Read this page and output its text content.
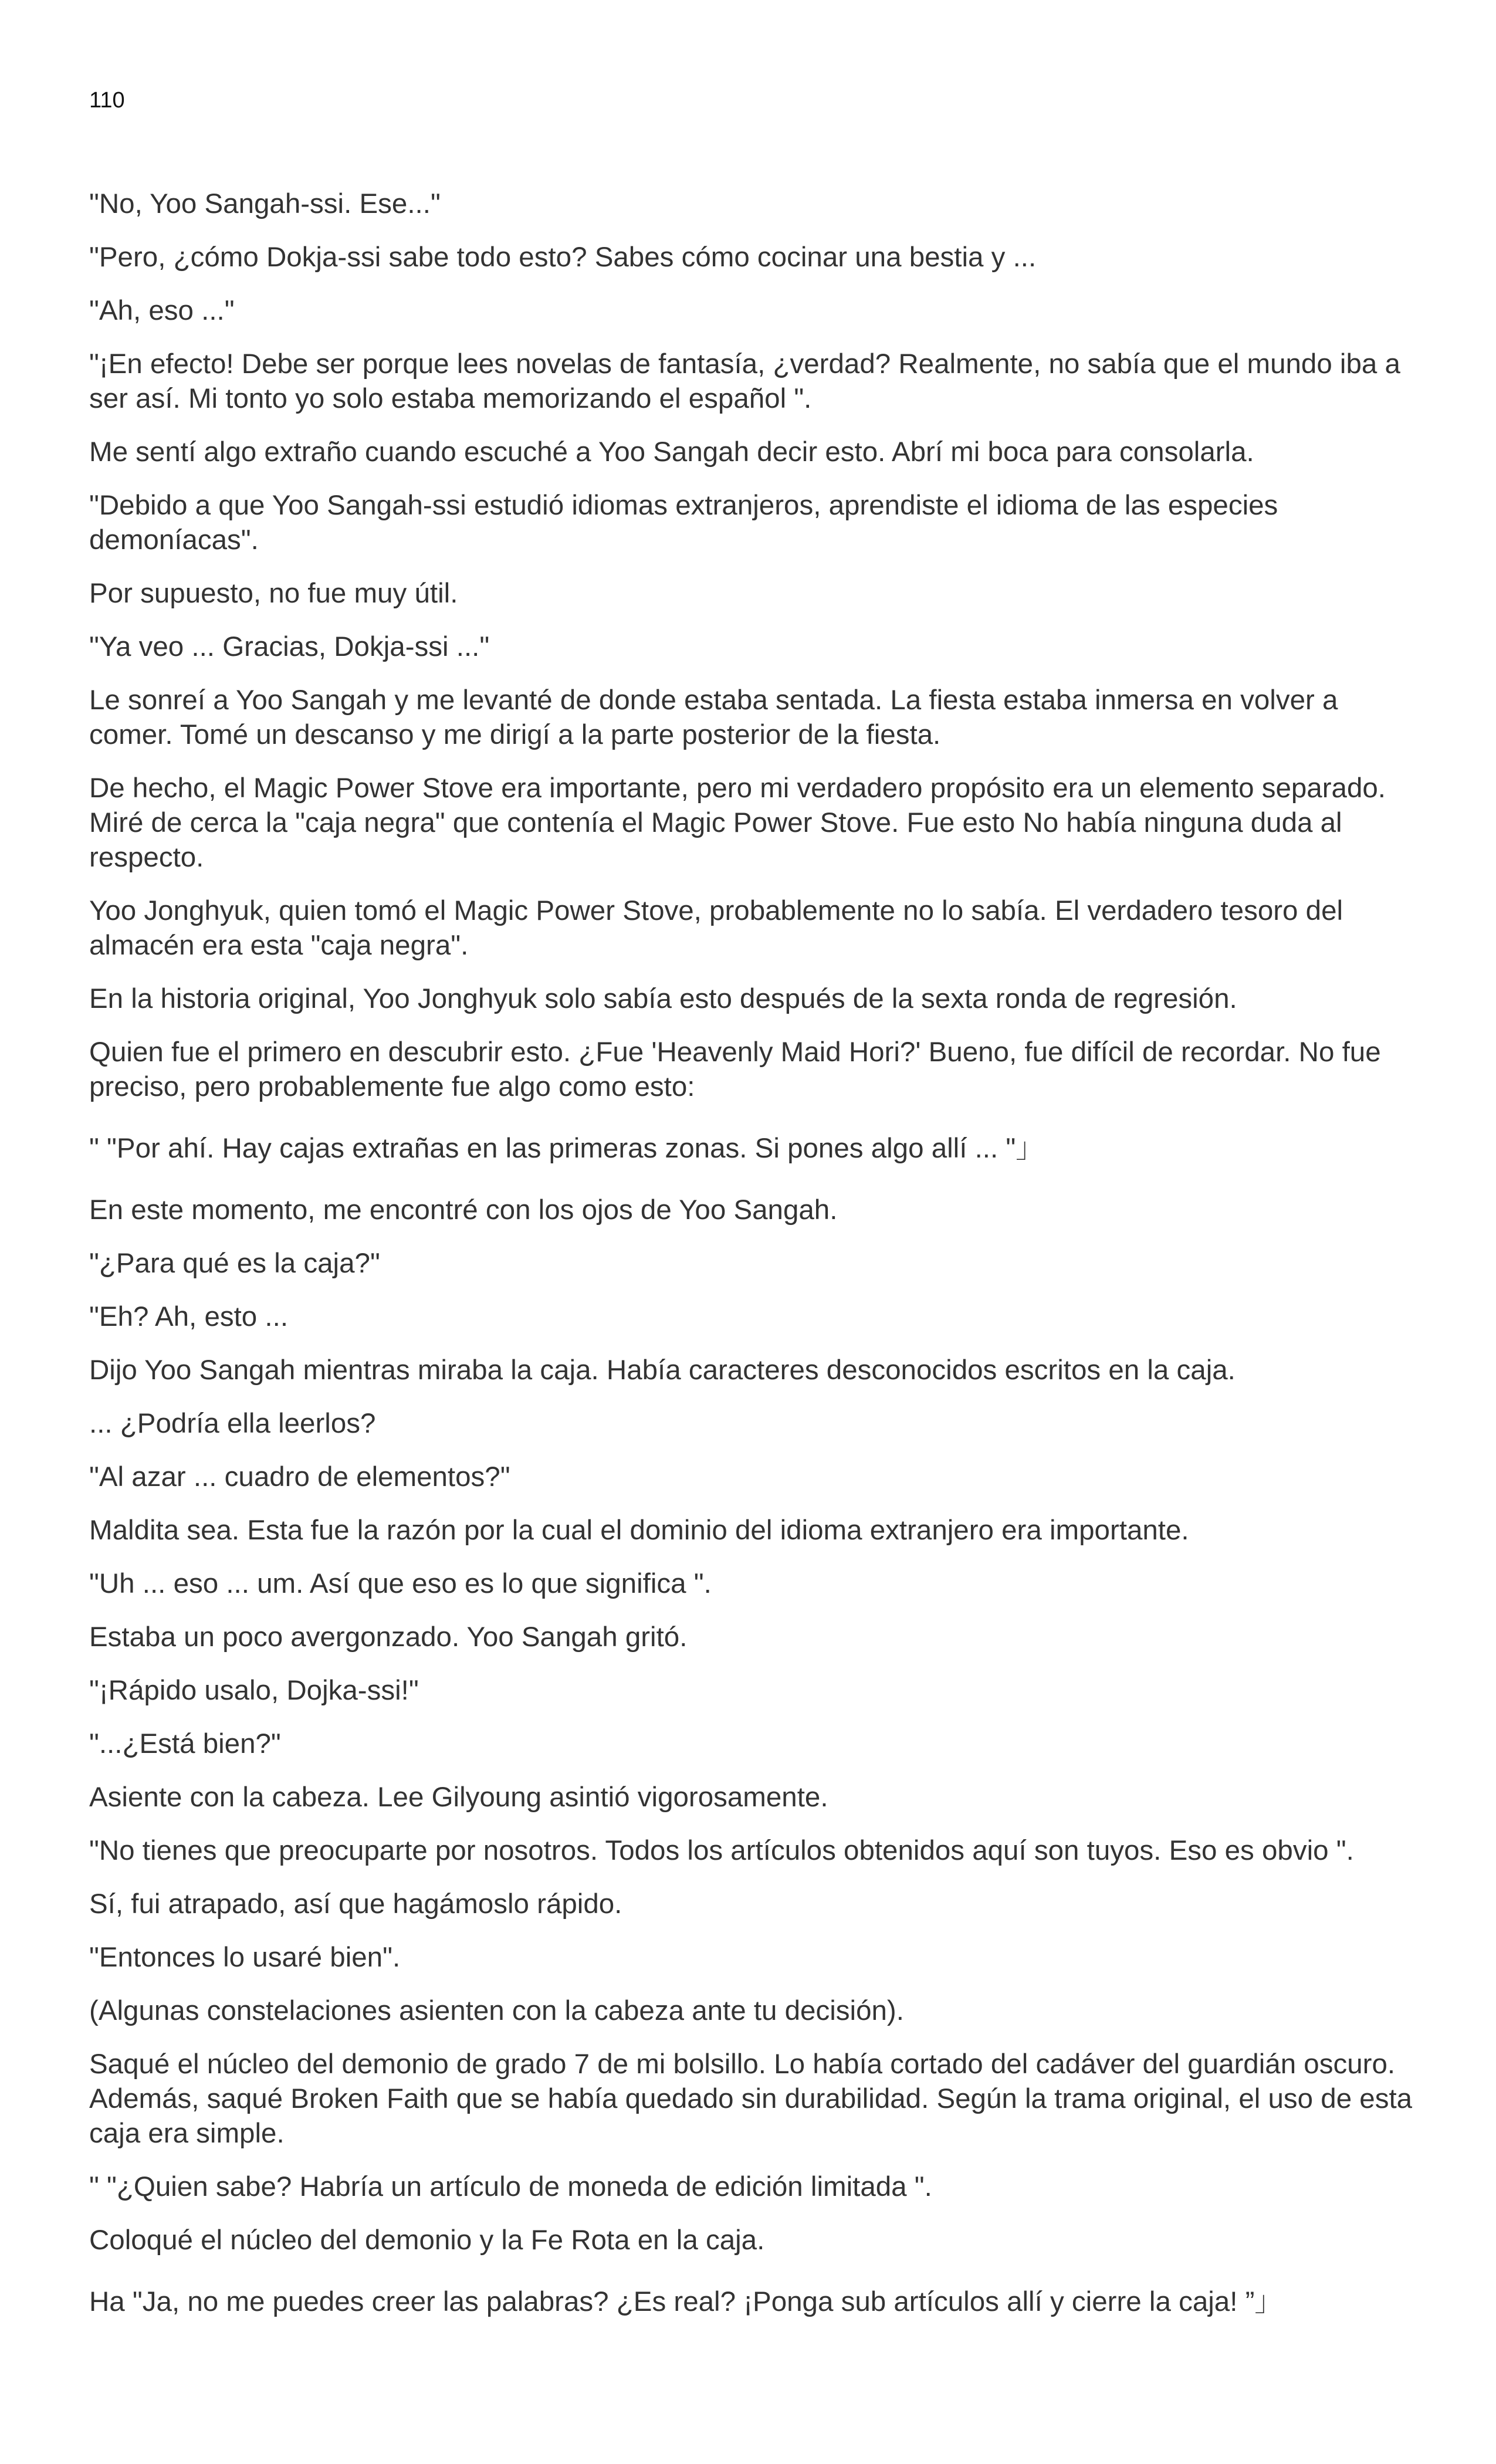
110

"No, Yoo Sangah-ssi. Ese..."

"Pero, ¿cómo Dokja-ssi sabe todo esto? Sabes cómo cocinar una bestia y ...

"Ah, eso ..."

"¡En efecto! Debe ser porque lees novelas de fantasía, ¿verdad? Realmente, no sabía que el mundo iba a ser así. Mi tonto yo solo estaba memorizando el español ".

Me sentí algo extraño cuando escuché a Yoo Sangah decir esto. Abrí mi boca para consolarla.

"Debido a que Yoo Sangah-ssi estudió idiomas extranjeros, aprendiste el idioma de las especies demoníacas".

Por supuesto, no fue muy útil.

"Ya veo ... Gracias, Dokja-ssi ..."

Le sonreí a Yoo Sangah y me levanté de donde estaba sentada. La fiesta estaba inmersa en volver a comer. Tomé un descanso y me dirigí a la parte posterior de la fiesta.

De hecho, el Magic Power Stove era importante, pero mi verdadero propósito era un elemento separado. Miré de cerca la "caja negra" que contenía el Magic Power Stove. Fue esto No había ninguna duda al respecto.

Yoo Jonghyuk, quien tomó el Magic Power Stove, probablemente no lo sabía. El verdadero tesoro del almacén era esta "caja negra".

En la historia original, Yoo Jonghyuk solo sabía esto después de la sexta ronda de regresión.

Quien fue el primero en descubrir esto. ¿Fue 'Heavenly Maid Hori?' Bueno, fue difícil de recordar. No fue preciso, pero probablemente fue algo como esto:

" "Por ahí. Hay cajas extrañas en las primeras zonas. Si pones algo allí ... "」

En este momento, me encontré con los ojos de Yoo Sangah.

"¿Para qué es la caja?"

"Eh? Ah, esto ...

Dijo Yoo Sangah mientras miraba la caja. Había caracteres desconocidos escritos en la caja.

... ¿Podría ella leerlos?

"Al azar ... cuadro de elementos?"

Maldita sea. Esta fue la razón por la cual el dominio del idioma extranjero era importante.

"Uh ... eso ... um. Así que eso es lo que significa ".

Estaba un poco avergonzado. Yoo Sangah gritó.

"¡Rápido usalo, Dojka-ssi!"

"...¿Está bien?"

Asiente con la cabeza. Lee Gilyoung asintió vigorosamente.

"No tienes que preocuparte por nosotros. Todos los artículos obtenidos aquí son tuyos. Eso es obvio ".

Sí, fui atrapado, así que hagámoslo rápido.

"Entonces lo usaré bien".

(Algunas constelaciones asienten con la cabeza ante tu decisión).

Saqué el núcleo del demonio de grado 7 de mi bolsillo. Lo había cortado del cadáver del guardián oscuro. Además, saqué Broken Faith que se había quedado sin durabilidad. Según la trama original, el uso de esta caja era simple.

" "¿Quien sabe? Habría un artículo de moneda de edición limitada ".

Coloqué el núcleo del demonio y la Fe Rota en la caja.

Ha "Ja, no me puedes creer las palabras? ¿Es real? ¡Ponga sub artículos allí y cierre la caja! ”」
